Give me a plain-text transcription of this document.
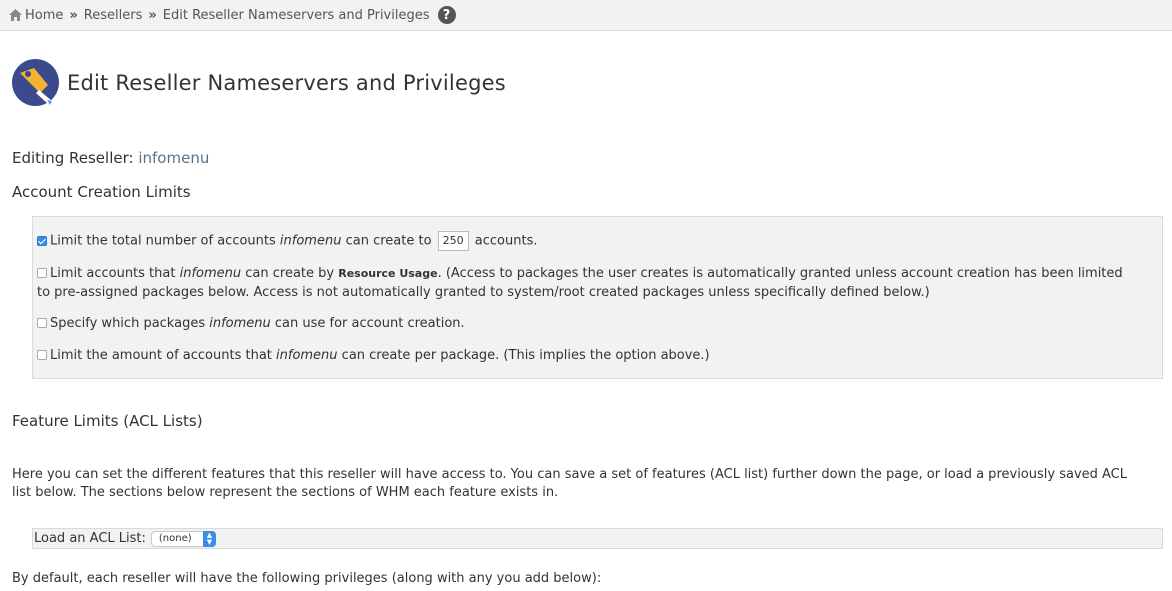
Home » Resellers » Edit Reseller Nameservers and Privileges	?
Edit Reseller Nameservers and Privileges
Editing Reseller: infomenu
Account Creation Limits
Limit the total number of accounts infomenu can create to 250 accounts.
Limit accounts that infomenu can create by Resource Usage. (Access to packages the user creates is automatically granted unless account creation has been limited to pre-assigned packages below. Access is not automatically granted to system/root created packages unless specifically defined below.)
Specify which packages infomenu can use for account creation.
Limit the amount of accounts that infomenu can create per package. (This implies the option above.)
Feature Limits (ACL Lists)
Here you can set the different features that this reseller will have access to. You can save a set of features (ACL list) further down the page, or load a previously saved ACL list below. The sections below represent the sections of WHM each feature exists in.
Load an ACL List: (none) ▲
▼
By default, each reseller will have the following privileges (along with any you add below):
